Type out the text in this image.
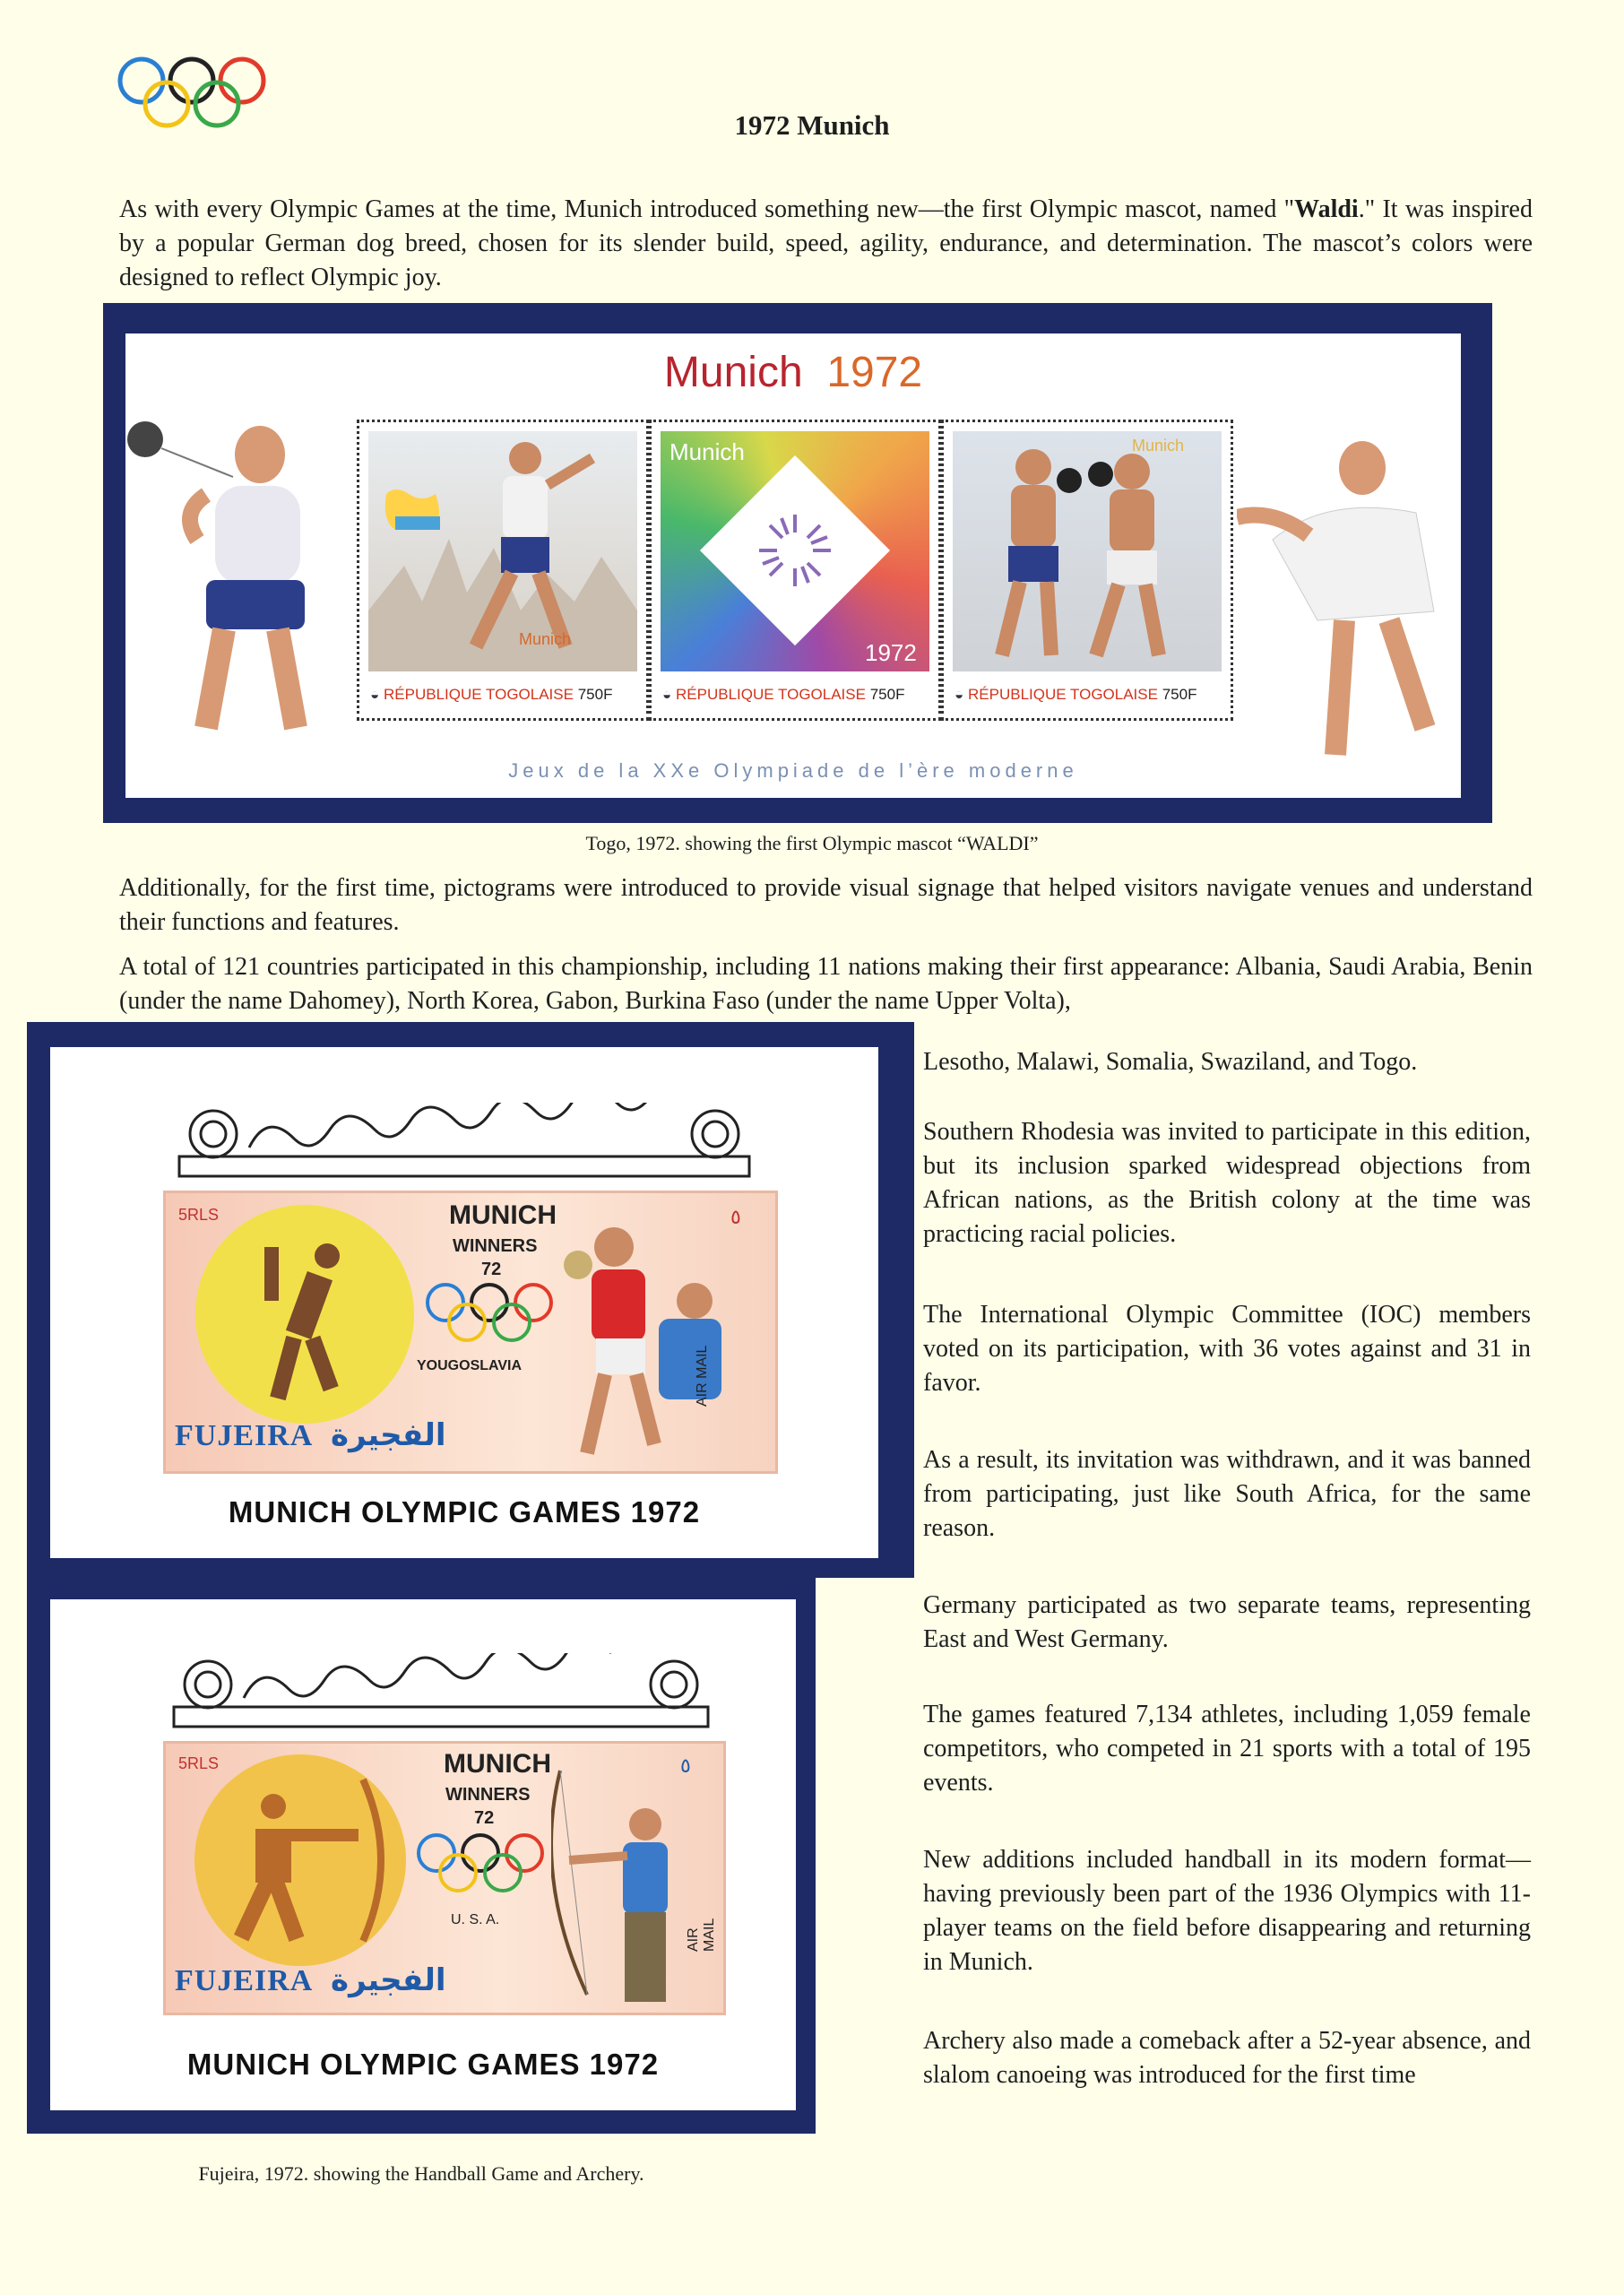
1972 Munich
As with every Olympic Games at the time, Munich introduced something new—the first Olympic mascot, named "Waldi." It was inspired by a popular German dog breed, chosen for its slender build, speed, agility, endurance, and determination. The mascot’s colors were designed to reflect Olympic joy.
Munich 1972
Munich
◒ RÉPUBLIQUE TOGOLAISE 750F
Munich
1972
◒ RÉPUBLIQUE TOGOLAISE 750F
Munich
◒ RÉPUBLIQUE TOGOLAISE 750F
Jeux de la XXe Olympiade de l’ère moderne
Togo, 1972. showing the first Olympic mascot “WALDI”
Additionally, for the first time, pictograms were introduced to provide visual signage that helped visitors navigate venues and understand their functions and features.
A total of 121 countries participated in this championship, including 11 nations making their first appearance: Albania, Saudi Arabia, Benin (under the name Dahomey), North Korea, Gabon, Burkina Faso (under the name Upper Volta),
5RLS	٥
MUNICH
WINNERS
72
YOUGOSLAVIA
FUJEIRA الفجيرة
AIR MAIL
MUNICH OLYMPIC GAMES 1972
5RLS	٥
MUNICH
WINNERS
72
U. S. A.
FUJEIRA الفجيرة
AIR MAIL
MUNICH OLYMPIC GAMES 1972
Fujeira, 1972. showing the Handball Game and Archery.
Lesotho, Malawi, Somalia, Swaziland, and Togo.
Southern Rhodesia was invited to participate in this edition, but its inclusion sparked widespread objections from African nations, as the British colony at the time was practicing racial policies.
The International Olympic Committee (IOC) members voted on its participation, with 36 votes against and 31 in favor.
As a result, its invitation was withdrawn, and it was banned from participating, just like South Africa, for the same reason.
Germany participated as two separate teams, representing East and West Germany.
The games featured 7,134 athletes, including 1,059 female competitors, who competed in 21 sports with a total of 195 events.
New additions included handball in its modern format—having previously been part of the 1936 Olympics with 11-player teams on the field before disappearing and returning in Munich.
Archery also made a comeback after a 52-year absence, and slalom canoeing was introduced for the first time
